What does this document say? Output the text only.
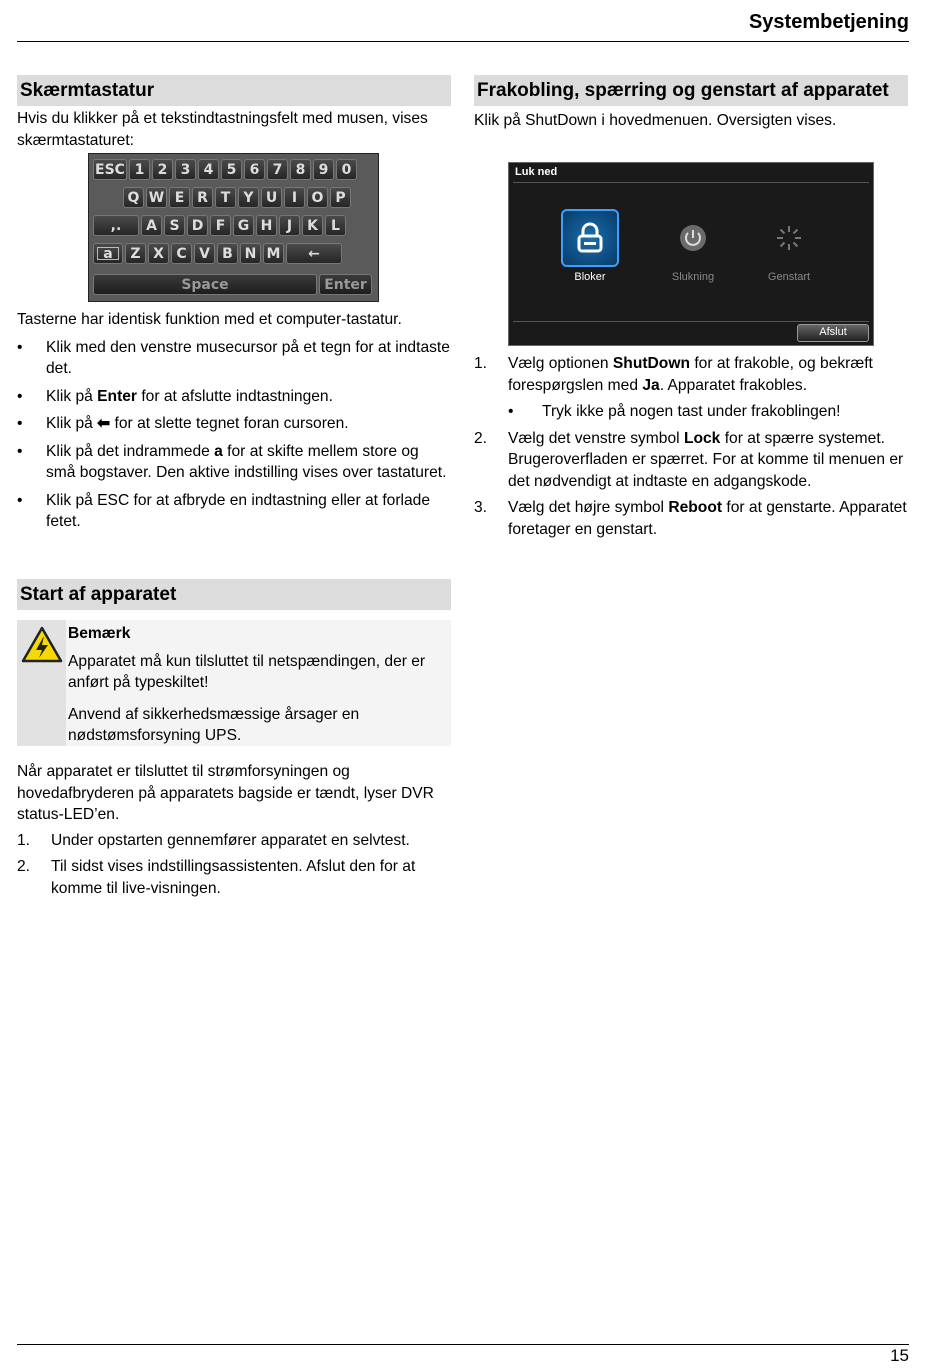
Systembetjening
Skærmtastatur

Hvis du klikker på et tekstindtastningsfelt med musen, vises skærmtastaturet:

ESC 1 2 3 4 5 6 7 8 9 0
Q W E R T Y U	I	O P
,.	A S D F G H	J	K L
a	Z X C V B N M	←
Space	Enter

Tasterne har identisk funktion med et computer-tastatur.

• Klik med den venstre musecursor på et tegn for at indtaste det.
• Klik på Enter for at afslutte indtastningen.
• Klik på ⬅ for at slette tegnet foran cursoren.
• Klik på det indrammede a for at skifte mellem store og små bogstaver. Den aktive indstilling vises over tastaturet.
• Klik på ESC for at afbryde en indtastning eller at forlade fetet.
Start af apparatet

Bemærk

Apparatet må kun tilsluttet til netspændingen, der er anført på typeskiltet!

Anvend af sikkerhedsmæssige årsager en nødstømsforsyning UPS.

Når apparatet er tilsluttet til strømforsyningen og hovedafbryderen på apparatets bagside er tændt, lyser DVR status-LED’en.

1. Under opstarten gennemfører apparatet en selvtest.
2. Til sidst vises indstillingsassistenten. Afslut den for at komme til live-visningen.
Frakobling, spærring og genstart af apparatet

Klik på ShutDown i hovedmenuen. Oversigten vises.

Luk ned
Bloker	Slukning	Genstart
Afslut
1. Vælg optionen ShutDown for at frakoble, og bekræft forespørgslen med Ja. Apparatet frakobles.
• Tryk ikke på nogen tast under frakoblingen!
2. Vælg det venstre symbol Lock for at spærre systemet. Brugeroverfladen er spærret. For at komme til menuen er det nødvendigt at indtaste en adgangskode.
3. Vælg det højre symbol Reboot for at genstarte. Apparatet foretager en genstart.
15
